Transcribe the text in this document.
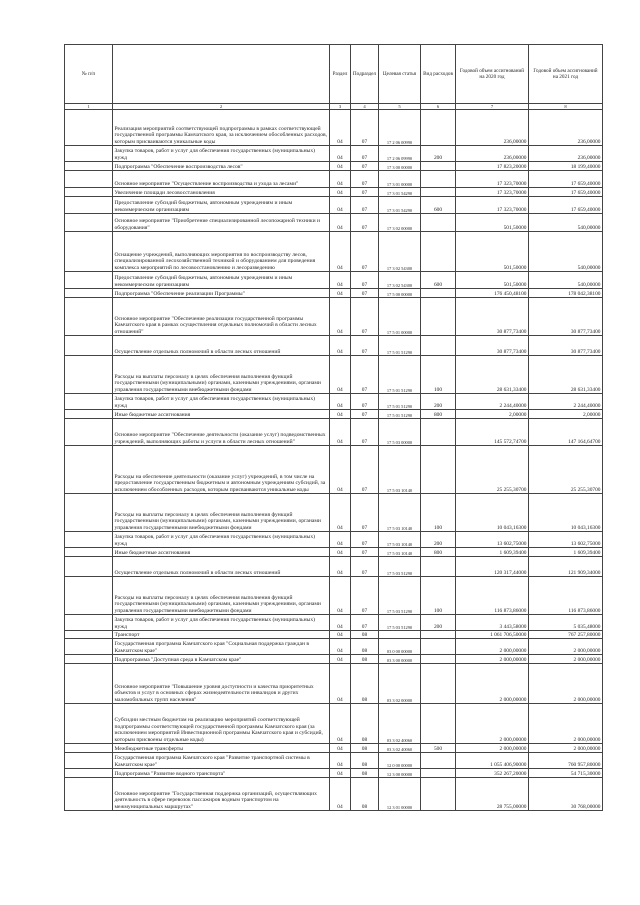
№ п/п		Раздел	Подраздел	Целевая статья	Вид расходов	Годовой объем ассигнований на 2020 год	Годовой объем ассигнований на 2021 год
1	2	3	4	5	6	7	8
	Реализация мероприятий соответствующей подпрограммы в рамках соответствующей государственной программы Камчатского края, за исключением обособленных расходов, которым присваиваются уникальные коды	04	07	17 2 06 00990		236,00000	236,00000
	Закупка товаров, работ и услуг для обеспечения государственных (муниципальных) нужд	04	07	17 2 06 09990	200	236,00000	236,00000
	Подпрограмма "Обеспечение воспроизводства лесов"	04	07	17 3 00 00000		17 823,20000	18 199,40000
	Основное мероприятие "Осуществление воспроизводства и ухода за лесами"	04	07	17 3 01 00000		17 323,70000	17 659,40000
	Увеличение площади лесовосстановления	04	07	17 3 01 54290		17 323,70000	17 659,40000
	Предоставление субсидий бюджетным, автономным учреждениям и иным некоммерческим организациям	04	07	17 3 01 54290	600	17 323,70000	17 659,40000
	Основное мероприятие "Приобретение специализированной лесопожарной техники и оборудования"	04	07	17 3 02 00000		501,50000	540,00000
	Оснащение учреждений, выполняющих мероприятия по воспроизводству лесов, специализированной лесохозяйственной техникой и оборудованием для проведения комплекса мероприятий по лесовосстановлению и лесоразведению	04	07	17 3 02 54300		501,50000	540,00000
	Предоставление субсидий бюджетным, автономным учреждениям и иным некоммерческим организациям	04	07	17 3 02 54300	600	501,50000	540,00000
	Подпрограмма "Обеспечение реализации Программы"	04	07	17 5 00 00000		176 450,48100	178 042,38100
	Основное мероприятие "Обеспечение реализации государственной программы Камчатского края в рамках осуществления отдельных полномочий в области лесных отношений"	04	07	17 5 01 00000		30 877,73400	30 877,73400
	Осуществление отдельных полномочий в области лесных отношений	04	07	17 5 01 51290		30 877,73400	30 877,73400
	Расходы на выплаты персоналу в целях обеспечения выполнения функций государственными (муниципальными) органами, казенными учреждениями, органами управления государственными внебюджетными фондами	04	07	17 5 01 51290	100	28 631,33400	28 631,33400
	Закупка товаров, работ и услуг для обеспечения государственных (муниципальных) нужд	04	07	17 5 01 51290	200	2 244,40000	2 244,40000
	Иные бюджетные ассигнования	04	07	17 5 01 51290	800	2,00000	2,00000
	Основное мероприятие "Обеспечение деятельности (оказание услуг) подведомственных учреждений, выполняющих работы и услуги в области лесных отношений"	04	07	17 5 03 00000		145 572,74700	147 164,64700
	Расходы на обеспечение деятельности (оказание услуг) учреждений, в том числе на предоставление государственным бюджетным и автономным учреждениям субсидий, за исключением обособленных расходов, которым присваиваются уникальные коды	04	07	17 5 03 10140		25 255,30700	25 255,30700
	Расходы на выплаты персоналу в целях обеспечения выполнения функций государственными (муниципальными) органами, казенными учреждениями, органами управления государственными внебюджетными фондами	04	07	17 5 03 10140	100	10 043,16300	10 043,16300
	Закупка товаров, работ и услуг для обеспечения государственных (муниципальных) нужд	04	07	17 5 03 10140	200	13 602,75000	13 602,75000
	Иные бюджетные ассигнования	04	07	17 5 03 10140	800	1 609,39400	1 609,39400
	Осуществление отдельных полномочий в области лесных отношений	04	07	17 5 03 51290		120 317,44000	121 909,34000
	Расходы на выплаты персоналу в целях обеспечения выполнения функций государственными (муниципальными) органами, казенными учреждениями, органами управления государственными внебюджетными фондами	04	07	17 5 03 51290	100	116 873,86000	116 873,86000
	Закупка товаров, работ и услуг для обеспечения государственных (муниципальных) нужд	04	07	17 5 03 51290	200	3 443,58000	5 035,48000
	Транспорт	04	08			1 061 706,50000	767 257,80000
	Государственная программа Камчатского края "Социальная поддержка граждан в Камчатском крае"	04	08	03 0 00 00000		2 000,00000	2 000,00000
	Подпрограмма "Доступная среда в Камчатском крае"	04	08	03 3 00 00000		2 000,00000	2 000,00000
	Основное мероприятие "Повышение уровня доступности и качества приоритетных объектов и услуг в основных сферах жизнедеятельности инвалидов и других маломобильных групп населения"	04	08	03 3 02 00000		2 000,00000	2 000,00000
	Субсидии местным бюджетам на реализацию мероприятий соответствующей подпрограммы соответствующей государственной программы Камчатского края (за исключением мероприятий Инвестиционной программы Камчатского края и субсидий, которым присвоены отдельные коды)	04	08	03 3 02 40060		2 000,00000	2 000,00000
	Межбюджетные трансферты	04	08	03 3 02 40060	500	2 000,00000	2 000,00000
	Государственная программа Камчатского края "Развитие транспортной системы в Камчатском крае"	04	08	12 0 00 00000		1 055 406,90000	760 957,80000
	Подпрограмма "Развитие водного транспорта"	04	08	12 3 00 00000		352 267,20000	54 715,30000
	Основное мероприятие "Государственная поддержка организаций, осуществляющих деятельность в сфере перевозок пассажиров водным транспортом на межмуниципальных маршрутах"	04	08	12 3 01 00000		28 755,00000	30 768,00000
